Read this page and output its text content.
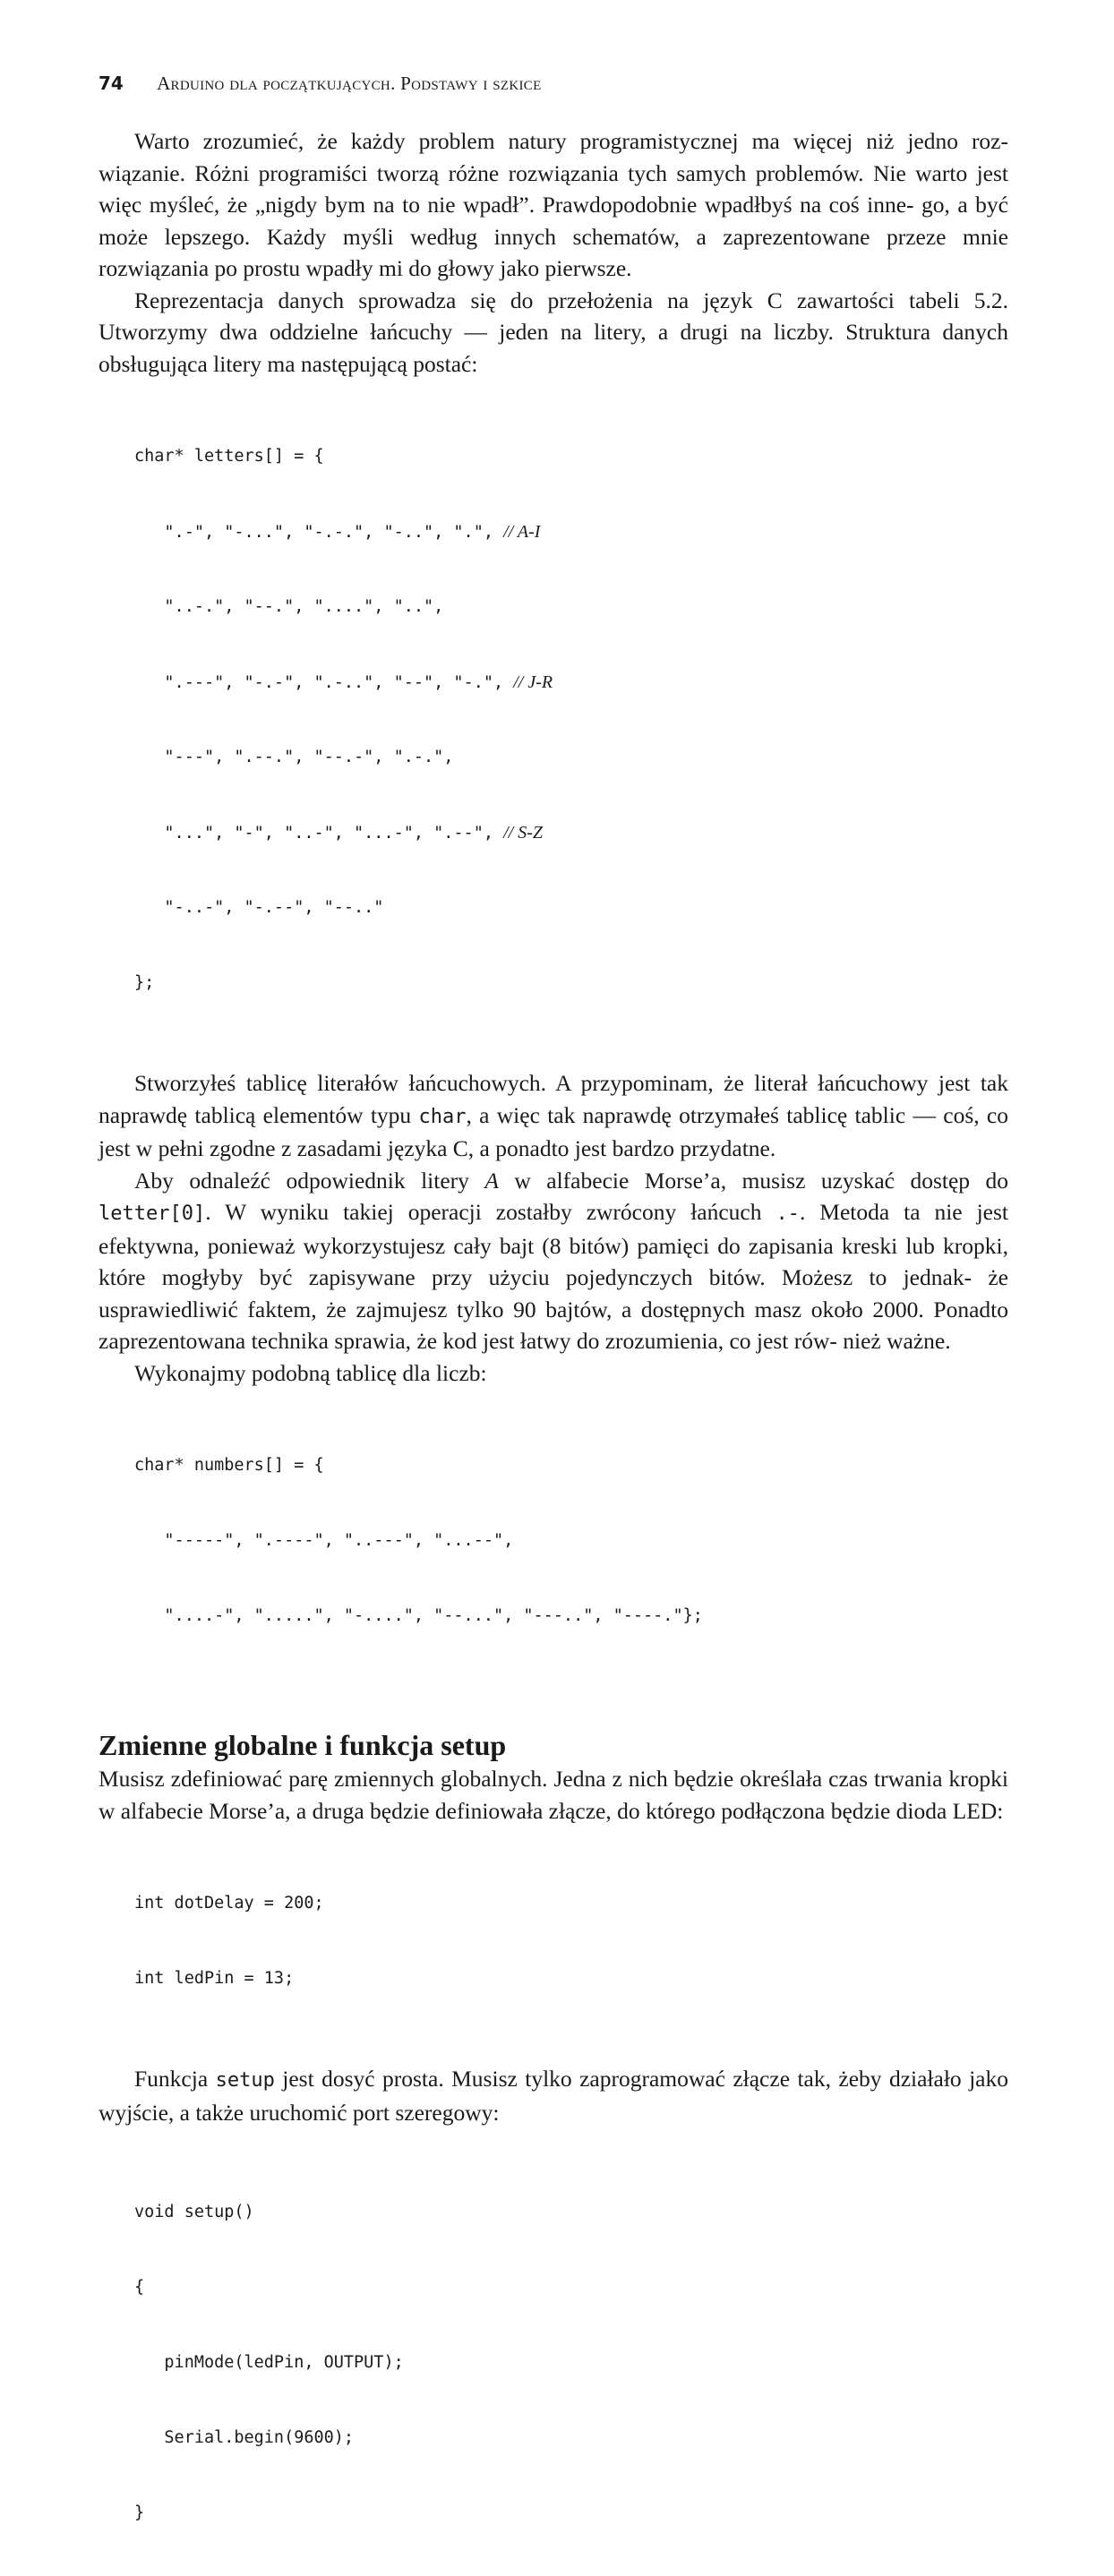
74 Arduino dla początkujących. Podstawy i szkice

Warto zrozumieć, że każdy problem natury programistycznej ma więcej niż jedno roz- wiązanie. Różni programiści tworzą różne rozwiązania tych samych problemów. Nie warto jest więc myśleć, że „nigdy bym na to nie wpadł”. Prawdopodobnie wpadłbyś na coś inne- go, a być może lepszego. Każdy myśli według innych schematów, a zaprezentowane przeze mnie rozwiązania po prostu wpadły mi do głowy jako pierwsze.

Reprezentacja danych sprowadza się do przełożenia na język C zawartości tabeli 5.2. Utworzymy dwa oddzielne łańcuchy — jeden na litery, a drugi na liczby. Struktura danych obsługująca litery ma następującą postać:

char* letters[] = {

".-", "-...", "-.-.", "-..", ".", // A-I

"..-.", "--.", "....", "..",

".---", "-.-", ".-..", "--", "-.", // J-R

"---", ".--.", "--.-", ".-.",

"...", "-", "..-", "...-", ".--", // S-Z

"-..-", "-.--", "--.."

};

Stworzyłeś tablicę literałów łańcuchowych. A przypominam, że literał łańcuchowy jest tak naprawdę tablicą elementów typu char, a więc tak naprawdę otrzymałeś tablicę tablic — coś, co jest w pełni zgodne z zasadami języka C, a ponadto jest bardzo przydatne.

Aby odnaleźć odpowiednik litery A w alfabecie Morse’a, musisz uzyskać dostęp do letter[0]. W wyniku takiej operacji zostałby zwrócony łańcuch .-. Metoda ta nie jest efektywna, ponieważ wykorzystujesz cały bajt (8 bitów) pamięci do zapisania kreski lub kropki, które mogłyby być zapisywane przy użyciu pojedynczych bitów. Możesz to jednak- że usprawiedliwić faktem, że zajmujesz tylko 90 bajtów, a dostępnych masz około 2000. Ponadto zaprezentowana technika sprawia, że kod jest łatwy do zrozumienia, co jest rów- nież ważne.

Wykonajmy podobną tablicę dla liczb:

char* numbers[] = {

"-----", ".----", "..---", "...--",

"....-", ".....", "-....", "--...", "---..", "----."};

Zmienne globalne i funkcja setup

Musisz zdefiniować parę zmiennych globalnych. Jedna z nich będzie określała czas trwania kropki w alfabecie Morse’a, a druga będzie definiowała złącze, do którego podłączona będzie dioda LED:

int dotDelay = 200;

int ledPin = 13;

Funkcja setup jest dosyć prosta. Musisz tylko zaprogramować złącze tak, żeby działało jako wyjście, a także uruchomić port szeregowy:

void setup()

{

pinMode(ledPin, OUTPUT);

Serial.begin(9600);

}
